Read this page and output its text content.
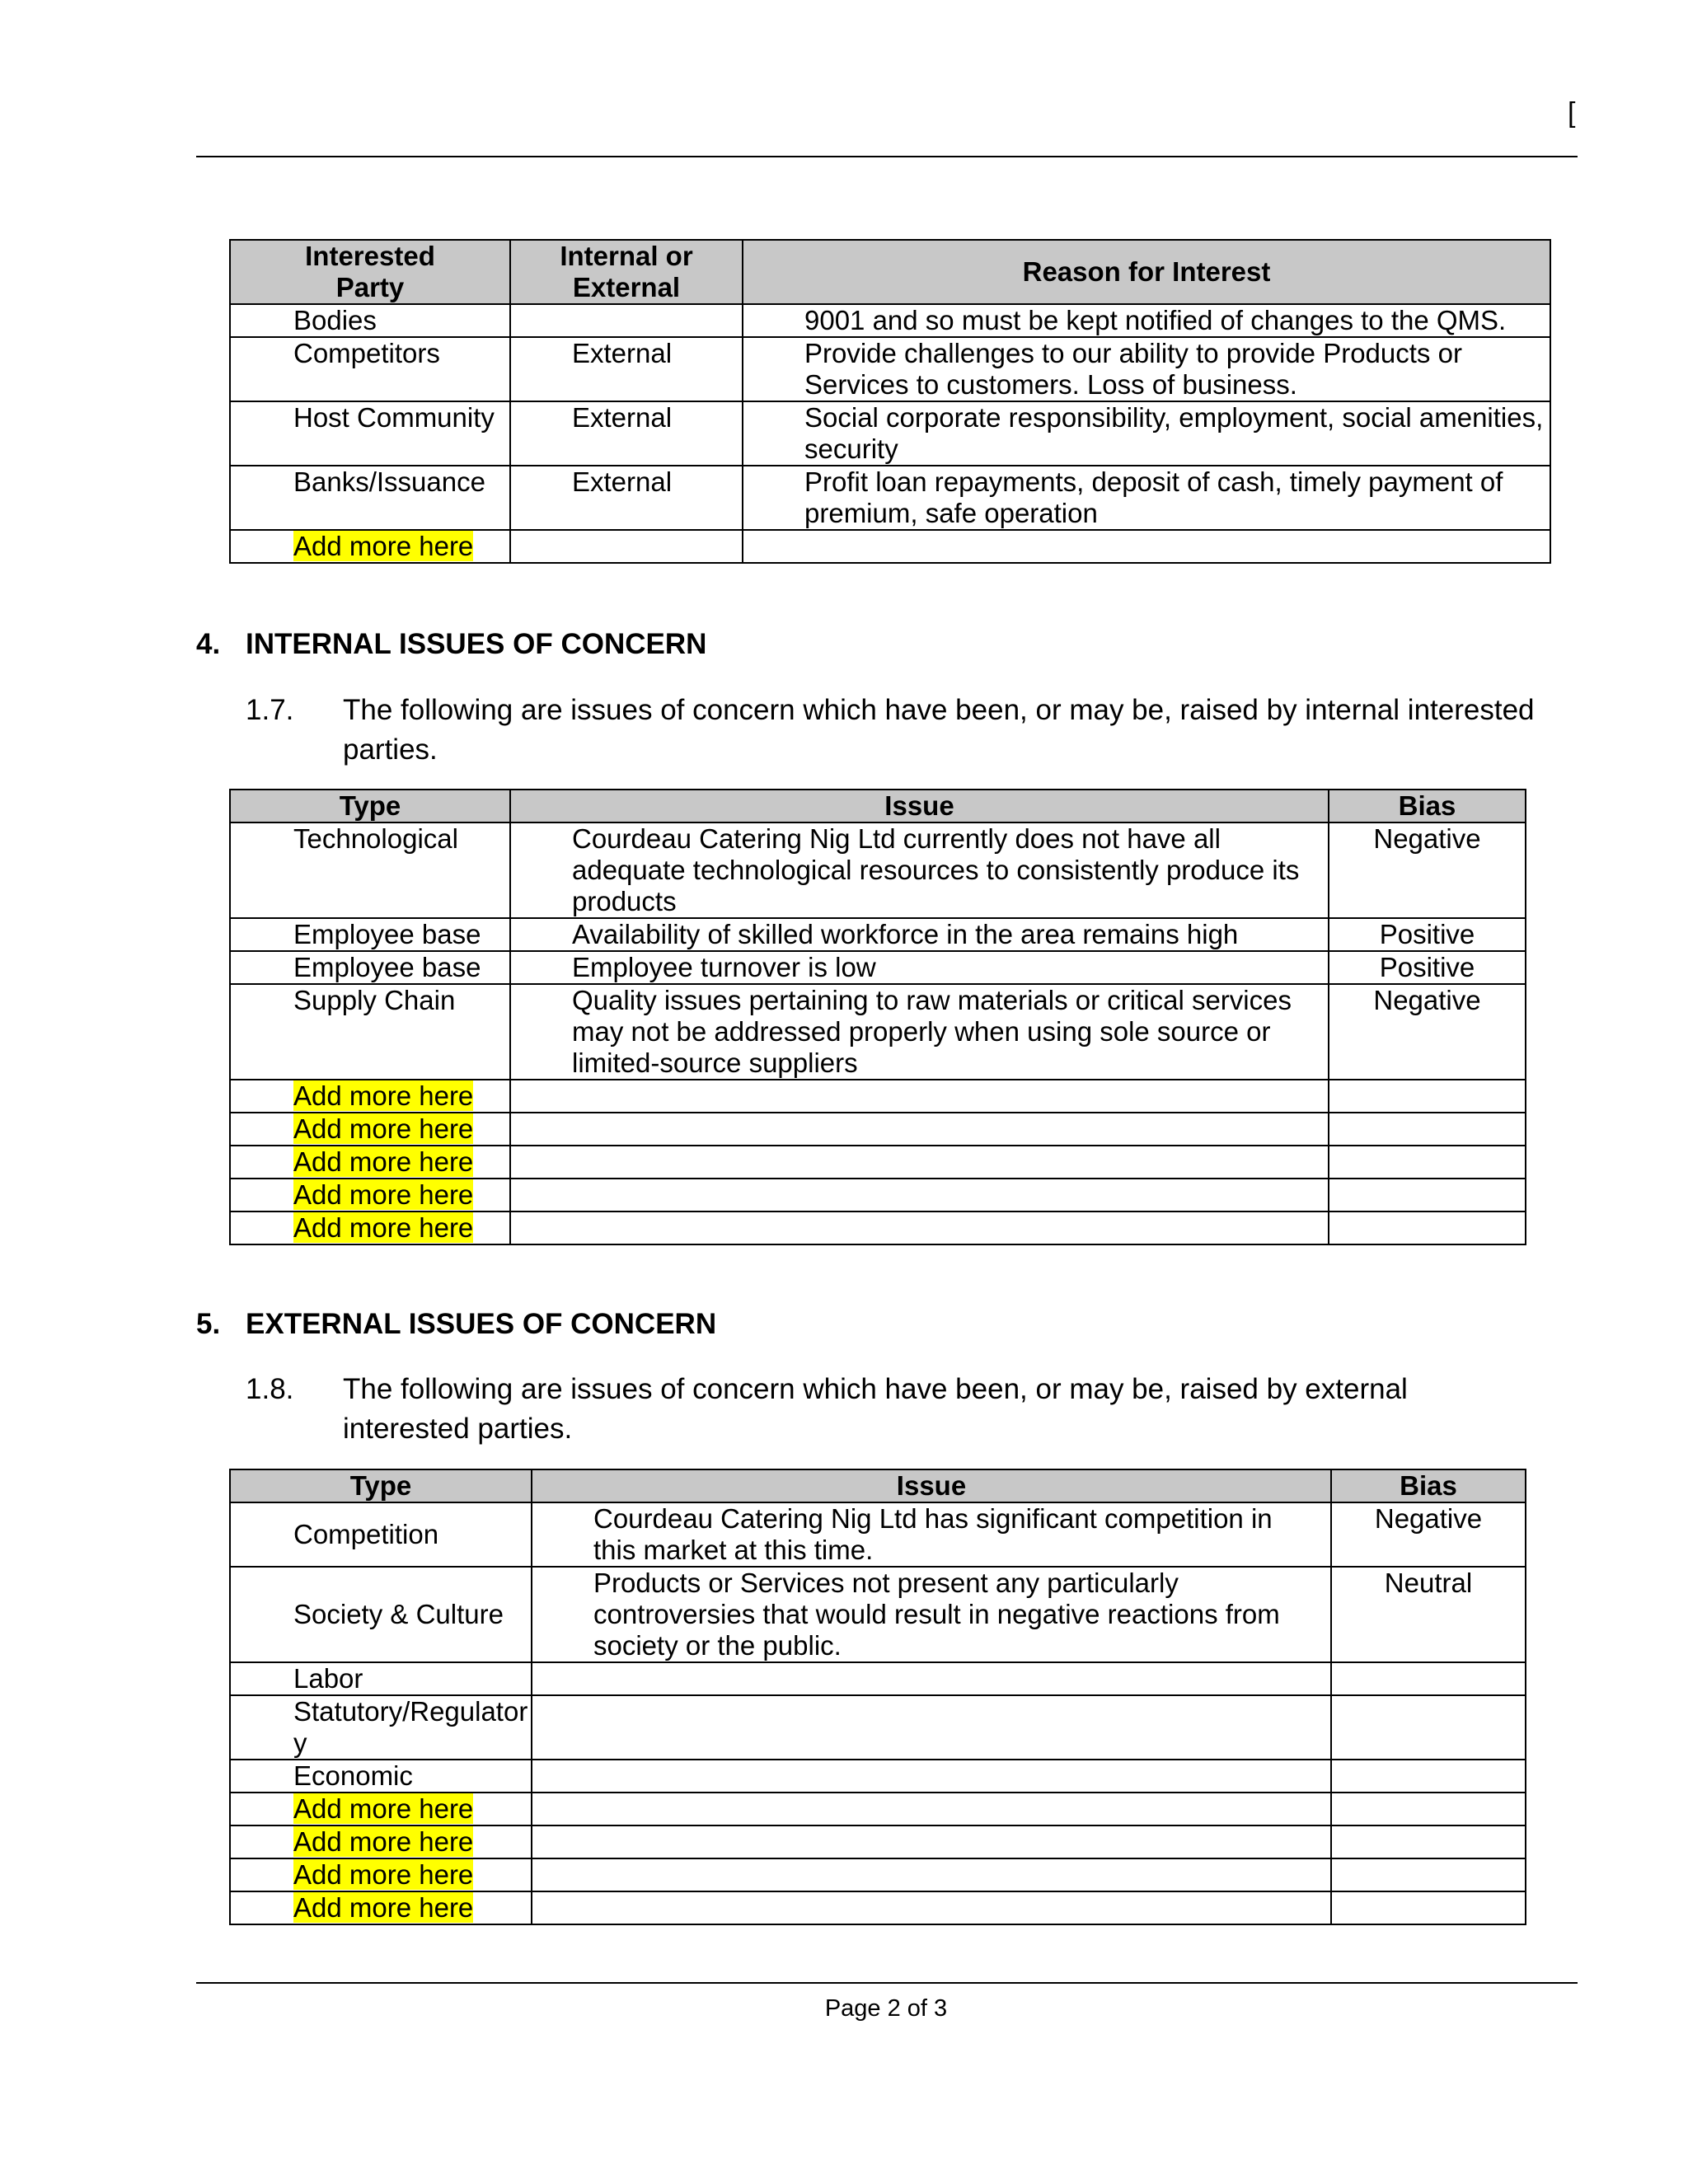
[
Interested Party	Internal or External	Reason for Interest
Bodies		9001 and so must be kept notified of changes to the QMS.
Competitors	External	Provide challenges to our ability to provide Products or Services to customers. Loss of business.
Host Community	External	Social corporate responsibility, employment, social amenities, security
Banks/Issuance	External	Profit loan repayments, deposit of cash, timely payment of premium, safe operation
Add more here		
4. INTERNAL ISSUES OF CONCERN
1.7. The following are issues of concern which have been, or may be, raised by internal interested parties.
Type	Issue	Bias
Technological	Courdeau Catering Nig Ltd currently does not have all adequate technological resources to consistently produce its products	Negative
Employee base	Availability of skilled workforce in the area remains high	Positive
Employee base	Employee turnover is low	Positive
Supply Chain	Quality issues pertaining to raw materials or critical services may not be addressed properly when using sole source or limited-source suppliers	Negative
Add more here		
Add more here		
Add more here		
Add more here		
Add more here		
5. EXTERNAL ISSUES OF CONCERN
1.8. The following are issues of concern which have been, or may be, raised by external interested parties.
Type	Issue	Bias
Competition	Courdeau Catering Nig Ltd has significant competition in this market at this time.	Negative
Society & Culture	Products or Services not present any particularly controversies that would result in negative reactions from society or the public.	Neutral
Labor		
Statutory/Regulatory		
Economic		
Add more here		
Add more here		
Add more here		
Add more here		
Page 2 of 3
